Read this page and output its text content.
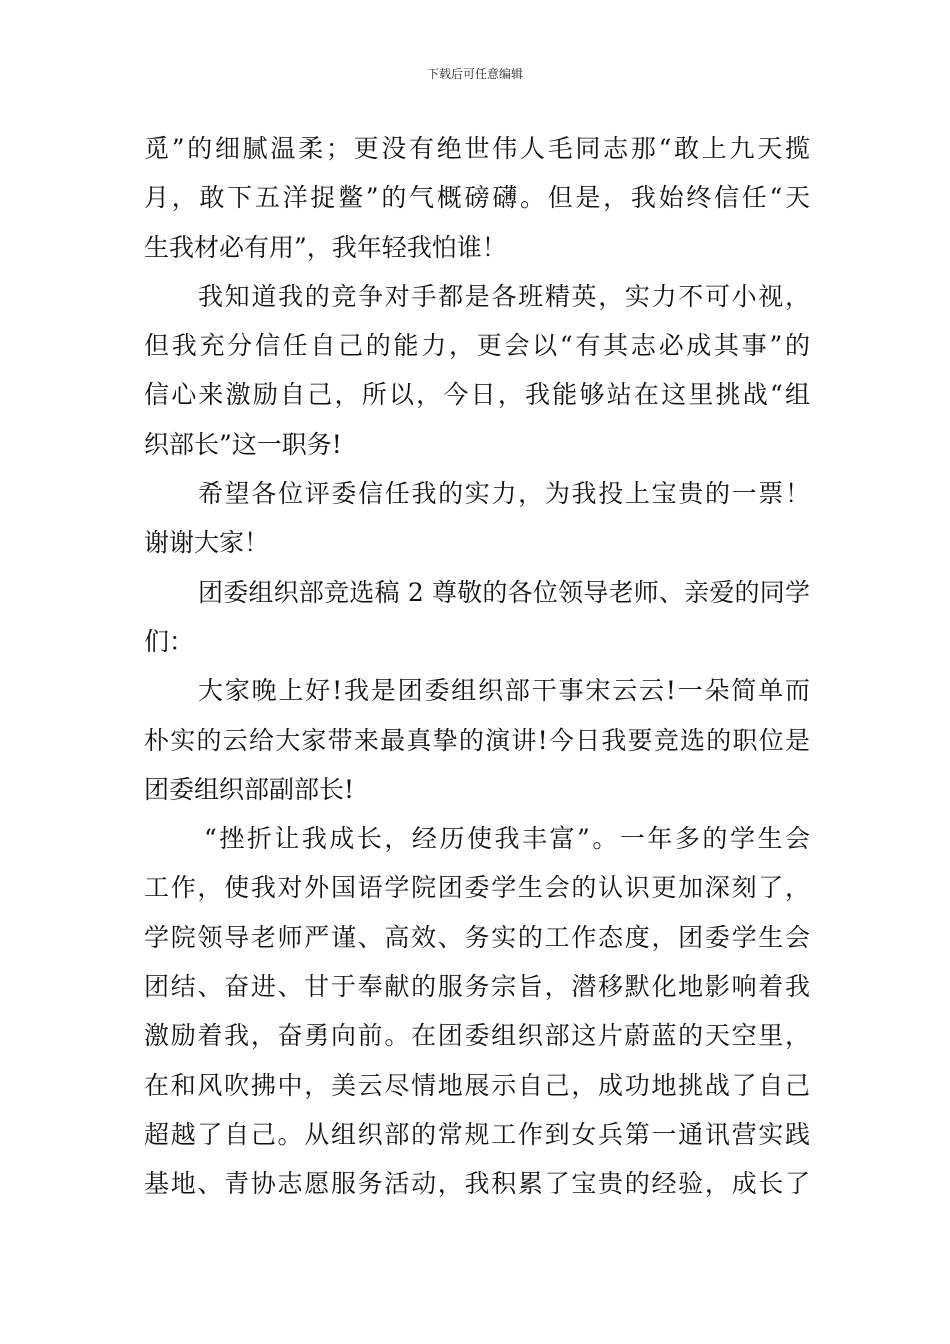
下载后可任意编辑
觅”的细腻温柔；更没有绝世伟人毛同志那“敢上九天揽
月，敢下五洋捉鳖”的气概磅礴。但是，我始终信任“天
生我材必有用”，我年轻我怕谁！
我知道我的竞争对手都是各班精英，实力不可小视，
但我充分信任自己的能力，更会以“有其志必成其事”的
信心来激励自己，所以，今日，我能够站在这里挑战“组
织部长”这一职务!
希望各位评委信任我的实力，为我投上宝贵的一票！
谢谢大家！
团委组织部竞选稿 2 尊敬的各位领导老师、亲爱的同学
们：
大家晚上好!我是团委组织部干事宋云云!一朵简单而
朴实的云给大家带来最真挚的演讲!今日我要竞选的职位是
团委组织部副部长!
“挫折让我成长，经历使我丰富”。一年多的学生会
工作，使我对外国语学院团委学生会的认识更加深刻了，
学院领导老师严谨、高效、务实的工作态度，团委学生会
团结、奋进、甘于奉献的服务宗旨，潜移默化地影响着我
激励着我，奋勇向前。在团委组织部这片蔚蓝的天空里，
在和风吹拂中，美云尽情地展示自己，成功地挑战了自己
超越了自己。从组织部的常规工作到女兵第一通讯营实践
基地、青协志愿服务活动，我积累了宝贵的经验，成长了
